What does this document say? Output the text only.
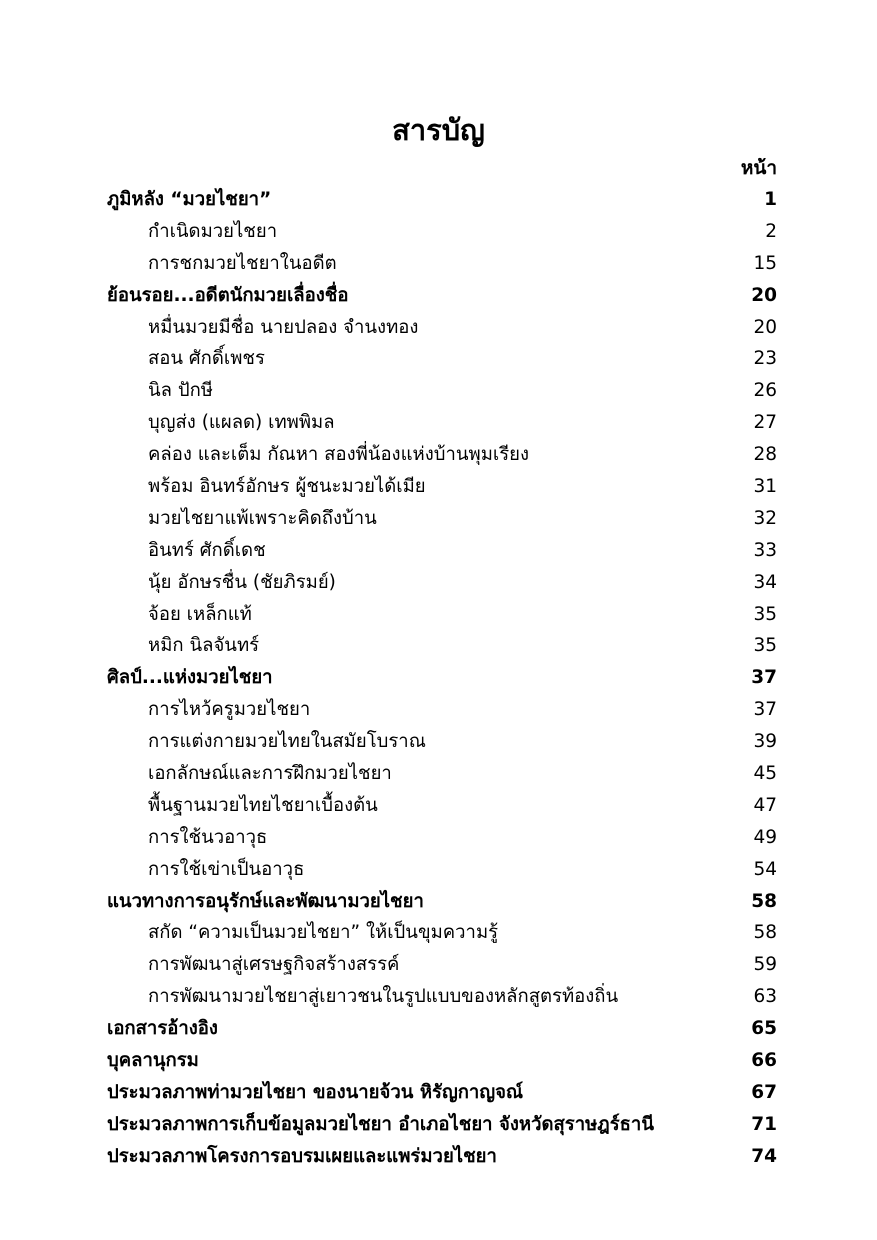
สารบัญ
หน้า
ภูมิหลัง “มวยไชยา”	1
กำเนิดมวยไชยา	2
การชกมวยไชยาในอดีต	15
ย้อนรอย...อดีตนักมวยเลื่องชื่อ	20
หมื่นมวยมีชื่อ นายปลอง จำนงทอง	20
สอน ศักดิ์เพชร	23
นิล ปักษี	26
บุญส่ง (แผลด) เทพพิมล	27
คล่อง และเต็ม กัณหา สองพี่น้องแห่งบ้านพุมเรียง	28
พร้อม อินทร์อักษร ผู้ชนะมวยได้เมีย	31
มวยไชยาแพ้เพราะคิดถึงบ้าน	32
อินทร์ ศักดิ์เดช	33
นุ้ย อักษรชื่น (ชัยภิรมย์)	34
จ้อย เหล็กแท้	35
หมิก นิลจันทร์	35
ศิลป์...แห่งมวยไชยา	37
การไหว้ครูมวยไชยา	37
การแต่งกายมวยไทยในสมัยโบราณ	39
เอกลักษณ์และการฝึกมวยไชยา	45
พื้นฐานมวยไทยไชยาเบื้องต้น	47
การใช้นวอาวุธ	49
การใช้เข่าเป็นอาวุธ	54
แนวทางการอนุรักษ์และพัฒนามวยไชยา	58
สกัด “ความเป็นมวยไชยา” ให้เป็นขุมความรู้	58
การพัฒนาสู่เศรษฐกิจสร้างสรรค์	59
การพัฒนามวยไชยาสู่เยาวชนในรูปแบบของหลักสูตรท้องถิ่น	63
เอกสารอ้างอิง	65
บุคลานุกรม	66
ประมวลภาพท่ามวยไชยา ของนายจ้วน หิรัญกาญจณ์	67
ประมวลภาพการเก็บข้อมูลมวยไชยา อำเภอไชยา จังหวัดสุราษฎร์ธานี	71
ประมวลภาพโครงการอบรมเผยและแพร่มวยไชยา	74
